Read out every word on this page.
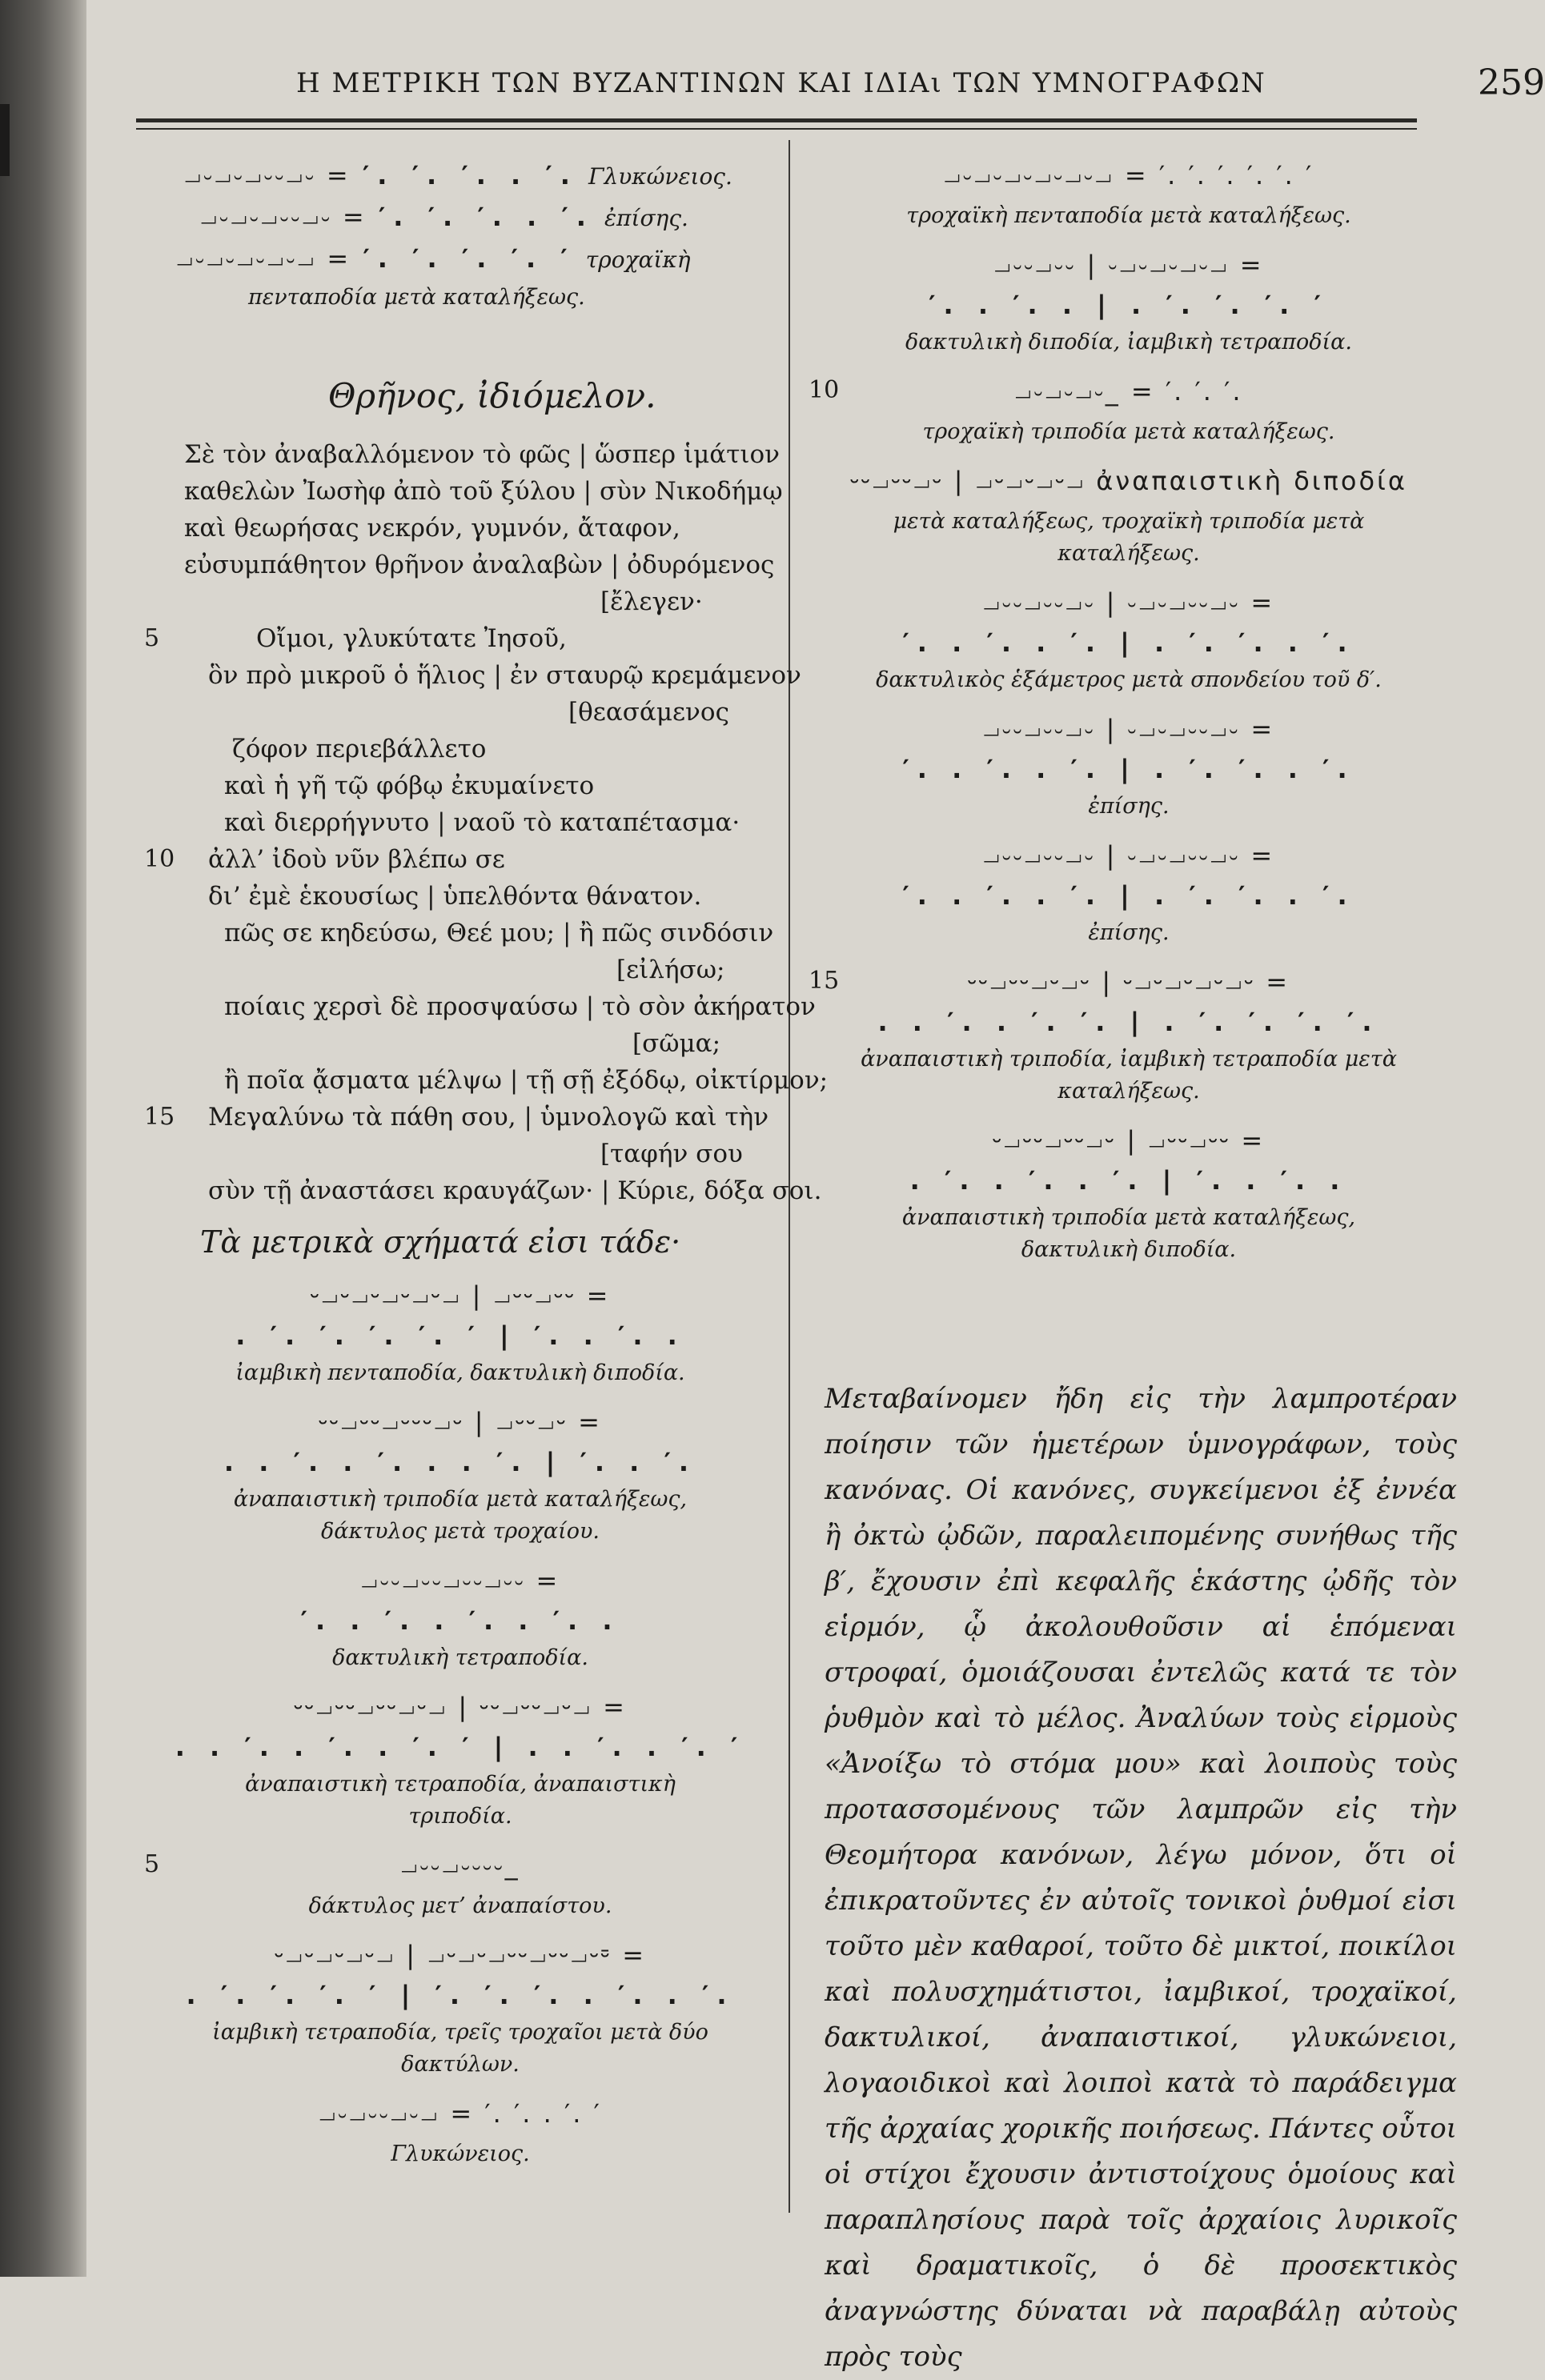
Η ΜΕΤΡΙΚΗ ΤΩΝ ΒΥΖΑΝΤΙΝΩΝ ΚΑΙ ΙΔΙΑι ΤΩΝ ΥΜΝΟΓΡΑΦΩΝ	259
⏗⏑⏗⏑⏗⏑⏑⏗⏑ = ′. ′. ′. . ′. Γλυκώνειος.
⏗⏑⏗⏑⏗⏑⏑⏗⏑ = ′. ′. ′. . ′. ἐπίσης.
⏗⏑⏗⏑⏗⏑⏗⏑⏗ = ′. ′. ′. ′. ′ τροχαϊκὴ
πενταποδία μετὰ καταλήξεως.
Θρῆνος, ἰδιόμελον.
Σὲ τὸν ἀναβαλλόμενον τὸ φῶς | ὥσπερ ἱμάτιον
καθελὼν Ἰωσὴφ ἀπὸ τοῦ ξύλου | σὺν Νικοδήμῳ
καὶ θεωρήσας νεκρόν, γυμνόν, ἄταφον,
εὐσυμπάθητον θρῆνον ἀναλαβὼν | ὀδυρόμενος
[ἔλεγεν·
5	Οἴμοι, γλυκύτατε Ἰησοῦ,
ὃν πρὸ μικροῦ ὁ ἥλιος | ἐν σταυρῷ κρεμάμενον
[θεασάμενος
ζόφον περιεβάλλετο
καὶ ἡ γῆ τῷ φόβῳ ἐκυμαίνετο
καὶ διερρήγνυτο | ναοῦ τὸ καταπέτασμα·
10 ἀλλ’ ἰδοὺ νῦν βλέπω σε
δι’ ἐμὲ ἑκουσίως | ὑπελθόντα θάνατον.
πῶς σε κηδεύσω, Θεέ μου; | ἢ πῶς σινδόσιν
[εἰλήσω;
ποίαις χερσὶ δὲ προσψαύσω | τὸ σὸν ἀκήρατον
[σῶμα;
ἢ ποῖα ᾄσματα μέλψω | τῇ σῇ ἐξόδῳ, οἰκτίρμον;
15 Μεγαλύνω τὰ πάθη σου, | ὑμνολογῶ καὶ τὴν
[ταφήν σου
σὺν τῇ ἀναστάσει κραυγάζων· | Κύριε, δόξα σοι.
Τὰ μετρικὰ σχήματά εἰσι τάδε·
⏑⏗⏑⏗⏑⏗⏑⏗⏑⏗ | ⏗⏑⏑⏗⏑⏑ =
. ′. ′. ′. ′. ′ | ′. . ′. .
ἰαμβικὴ πενταποδία, δακτυλικὴ διποδία.
⏑⏑⏗⏑⏑⏗⏑⏑⏑⏗⏑ | ⏗⏑⏑⏗⏑ =
. . ′. . ′. . . ′. | ′. . ′.
ἀναπαιστικὴ τριποδία μετὰ καταλήξεως, δάκτυλος μετὰ τροχαίου.
⏗⏑⏑⏗⏑⏑⏗⏑⏑⏗⏑⏑ =
′. . ′. . ′. . ′. .
δακτυλικὴ τετραποδία.
⏑⏑⏗⏑⏑⏗⏑⏑⏗⏑⏗ | ⏑⏑⏗⏑⏑⏗⏑⏗ =
. . ′. . ′. . ′. ′ | . . ′. . ′. ′
ἀναπαιστικὴ τετραποδία, ἀναπαιστικὴ τριποδία.
5	⏗⏑⏑⏗⏑⏑⏑⏑_
δάκτυλος μετ’ ἀναπαίστου.
⏑⏗⏑⏗⏑⏗⏑⏗ | ⏗⏑⏗⏑⏗⏑⏑⏗⏑⏑⏗⏑⏒ =
. ′. ′. ′. ′ | ′. ′. ′. . ′. . ′.
ἰαμβικὴ τετραποδία, τρεῖς τροχαῖοι μετὰ δύο δακτύλων.
⏗⏑⏗⏑⏑⏗⏑⏗ = ′. ′. . ′. ′
Γλυκώνειος.
⏗⏑⏗⏑⏗⏑⏗⏑⏗⏑⏗ = ′. ′. ′. ′. ′. ′
τροχαϊκὴ πενταποδία μετὰ καταλήξεως.
⏗⏑⏑⏗⏑⏑ | ⏑⏗⏑⏗⏑⏗⏑⏗ =
′. . ′. . | . ′. ′. ′. ′
δακτυλικὴ διποδία, ἰαμβικὴ τετραποδία.
10	⏗⏑⏗⏑⏗⏑_ = ′. ′. ′.
τροχαϊκὴ τριποδία μετὰ καταλήξεως.
⏑⏑⏗⏑⏑⏗⏑ | ⏗⏑⏗⏑⏗⏑⏗ ἀναπαιστικὴ διποδία
μετὰ καταλήξεως, τροχαϊκὴ τριποδία μετὰ καταλήξεως.
⏗⏑⏑⏗⏑⏑⏗⏑ | ⏑⏗⏑⏗⏑⏑⏗⏑ =
′. . ′. . ′. | . ′. ′. . ′.
δακτυλικὸς ἑξάμετρος μετὰ σπονδείου τοῦ δ′.
⏗⏑⏑⏗⏑⏑⏗⏑ | ⏑⏗⏑⏗⏑⏑⏗⏑ =
′. . ′. . ′. | . ′. ′. . ′.
ἐπίσης.
⏗⏑⏑⏗⏑⏑⏗⏑ | ⏑⏗⏑⏗⏑⏑⏗⏑ =
′. . ′. . ′. | . ′. ′. . ′.
ἐπίσης.
15	⏑⏑⏗⏑⏑⏗⏑⏗⏑ | ⏑⏗⏑⏗⏑⏗⏑⏗⏑ =
. . ′. . ′. ′. | . ′. ′. ′. ′.
ἀναπαιστικὴ τριποδία, ἰαμβικὴ τετραποδία μετὰ καταλήξεως.
⏑⏗⏑⏑⏗⏑⏑⏗⏑ | ⏗⏑⏑⏗⏑⏑ =
. ′. . ′. . ′. | ′. . ′. .
ἀναπαιστικὴ τριποδία μετὰ καταλήξεως, δακτυλικὴ διποδία.
Μεταβαίνομεν ἤδη εἰς τὴν λαμπροτέραν ποίησιν τῶν ἡμετέρων ὑμνογράφων, τοὺς κανόνας. Οἱ κανόνες, συγκείμενοι ἐξ ἐννέα ἢ ὀκτὼ ᾠδῶν, παραλειπομένης συνήθως τῆς β′, ἔχουσιν ἐπὶ κεφαλῆς ἑκάστης ᾠδῆς τὸν εἱρμόν, ᾧ ἀκολουθοῦσιν αἱ ἑπόμεναι στροφαί, ὁμοιάζουσαι ἐντελῶς κατά τε τὸν ῥυθμὸν καὶ τὸ μέλος. Ἀναλύων τοὺς εἱρμοὺς «Ἀνοίξω τὸ στόμα μου» καὶ λοιποὺς τοὺς προτασσομένους τῶν λαμπρῶν εἰς τὴν Θεομήτορα κανόνων, λέγω μόνον, ὅτι οἱ ἐπικρατοῦντες ἐν αὐτοῖς τονικοὶ ῥυθμοί εἰσι τοῦτο μὲν καθαροί, τοῦτο δὲ μικτοί, ποικίλοι καὶ πολυσχημάτιστοι, ἰαμβικοί, τροχαϊκοί, δακτυλικοί, ἀναπαιστικοί, γλυκώνειοι, λογαοιδικοὶ καὶ λοιποὶ κατὰ τὸ παράδειγμα τῆς ἀρχαίας χορικῆς ποιήσεως. Πάντες οὗτοι οἱ στίχοι ἔχουσιν ἀντιστοίχους ὁμοίους καὶ παραπλησίους παρὰ τοῖς ἀρχαίοις λυρικοῖς καὶ δραματικοῖς, ὁ δὲ προσεκτικὸς ἀναγνώστης δύναται νὰ παραβάλῃ αὐτοὺς πρὸς τοὺς
